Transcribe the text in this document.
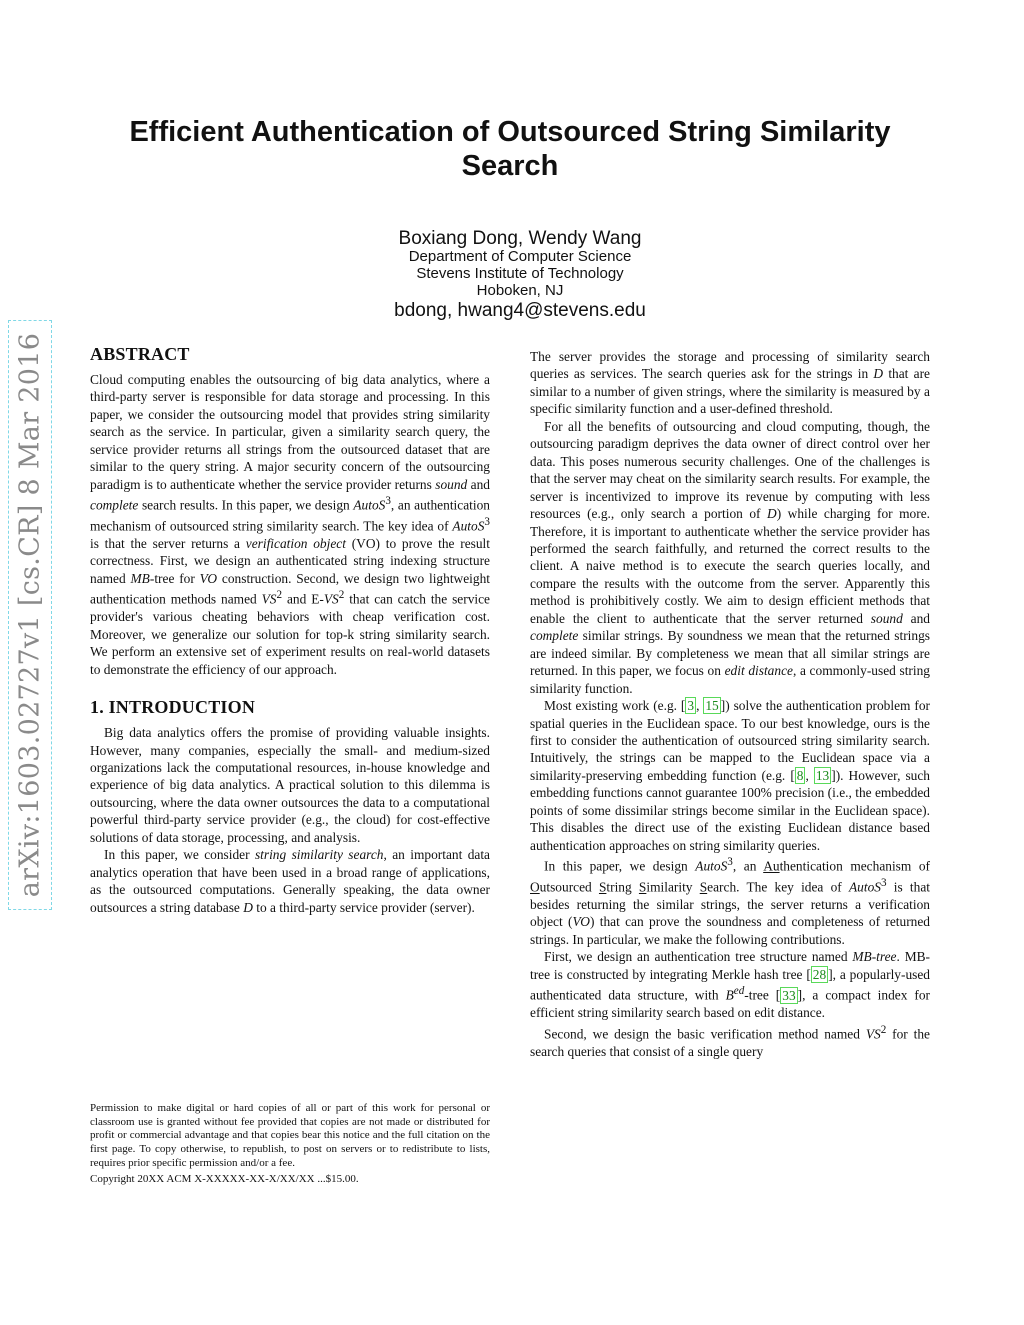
arXiv:1603.02727v1 [cs.CR] 8 Mar 2016
Efficient Authentication of Outsourced String Similarity Search
Boxiang Dong, Wendy Wang
Department of Computer Science
Stevens Institute of Technology
Hoboken, NJ
bdong, hwang4@stevens.edu
ABSTRACT

Cloud computing enables the outsourcing of big data analytics, where a third-party server is responsible for data storage and processing. In this paper, we consider the outsourcing model that provides string similarity search as the service. In particular, given a similarity search query, the service provider returns all strings from the outsourced dataset that are similar to the query string. A major security concern of the outsourcing paradigm is to authenticate whether the service provider returns sound and complete search results. In this paper, we design AutoS$^3$, an authentication mechanism of outsourced string similarity search. The key idea of AutoS$^3$ is that the server returns a verification object (VO) to prove the result correctness. First, we design an authenticated string indexing structure named MB-tree for VO construction. Second, we design two lightweight authentication methods named $VS^2$ and $E-VS^2$ that can catch the service provider's various cheating behaviors with cheap verification cost. Moreover, we generalize our solution for top-k string similarity search. We perform an extensive set of experiment results on real-world datasets to demonstrate the efficiency of our approach.

1. INTRODUCTION

Big data analytics offers the promise of providing valuable insights. However, many companies, especially the small- and medium-sized organizations lack the computational resources, in-house knowledge and experience of big data analytics. A practical solution to this dilemma is outsourcing, where the data owner outsources the data to a computational powerful third-party service provider (e.g., the cloud) for cost-effective solutions of data storage, processing, and analysis.

In this paper, we consider string similarity search, an important data analytics operation that have been used in a broad range of applications, as the outsourced computations. Generally speaking, the data owner outsources a string database D to a third-party service provider (server).

Permission to make digital or hard copies of all or part of this work for personal or classroom use is granted without fee provided that copies are not made or distributed for profit or commercial advantage and that copies bear this notice and the full citation on the first page. To copy otherwise, to republish, to post on servers or to redistribute to lists, requires prior specific permission and/or a fee.

Copyright 20XX ACM X-XXXXX-XX-X/XX/XX ...$15.00.

The server provides the storage and processing of similarity search queries as services. The search queries ask for the strings in D that are similar to a number of given strings, where the similarity is measured by a specific similarity function and a user-defined threshold.

For all the benefits of outsourcing and cloud computing, though, the outsourcing paradigm deprives the data owner of direct control over her data. This poses numerous security challenges. One of the challenges is that the server may cheat on the similarity search results. For example, the server is incentivized to improve its revenue by computing with less resources (e.g., only search a portion of D) while charging for more. Therefore, it is important to authenticate whether the service provider has performed the search faithfully, and returned the correct results to the client. A naive method is to execute the search queries locally, and compare the results with the outcome from the server. Apparently this method is prohibitively costly. We aim to design efficient methods that enable the client to authenticate that the server returned sound and complete similar strings. By soundness we mean that the returned strings are indeed similar. By completeness we mean that all similar strings are returned. In this paper, we focus on edit distance, a commonly-used string similarity function.

Most existing work (e.g. [ 3 , 15 ]) solve the authentication problem for spatial queries in the Euclidean space. To our best knowledge, ours is the first to consider the authentication of outsourced string similarity search. Intuitively, the strings can be mapped to the Euclidean space via a similarity-preserving embedding function (e.g. [ 8 , 13 ]). However, such embedding functions cannot guarantee 100% precision (i.e., the embedded points of some dissimilar strings become similar in the Euclidean space). This disables the direct use of the existing Euclidean distance based authentication approaches on string similarity queries.

In this paper, we design AutoS$^3$, an Authentication mechanism of Outsourced String Similarity Search. The key idea of AutoS$^3$ is that besides returning the similar strings, the server returns a verification object (VO) that can prove the soundness and completeness of returned strings. In particular, we make the following contributions.

First, we design an authentication tree structure named MB-tree. MB-tree is constructed by integrating Merkle hash tree [ 28 ], a popularly-used authenticated data structure, with $B^{ed}$-tree [ 33 ], a compact index for efficient string similarity search based on edit distance.

Second, we design the basic verification method named $VS^2$ for the search queries that consist of a single query
